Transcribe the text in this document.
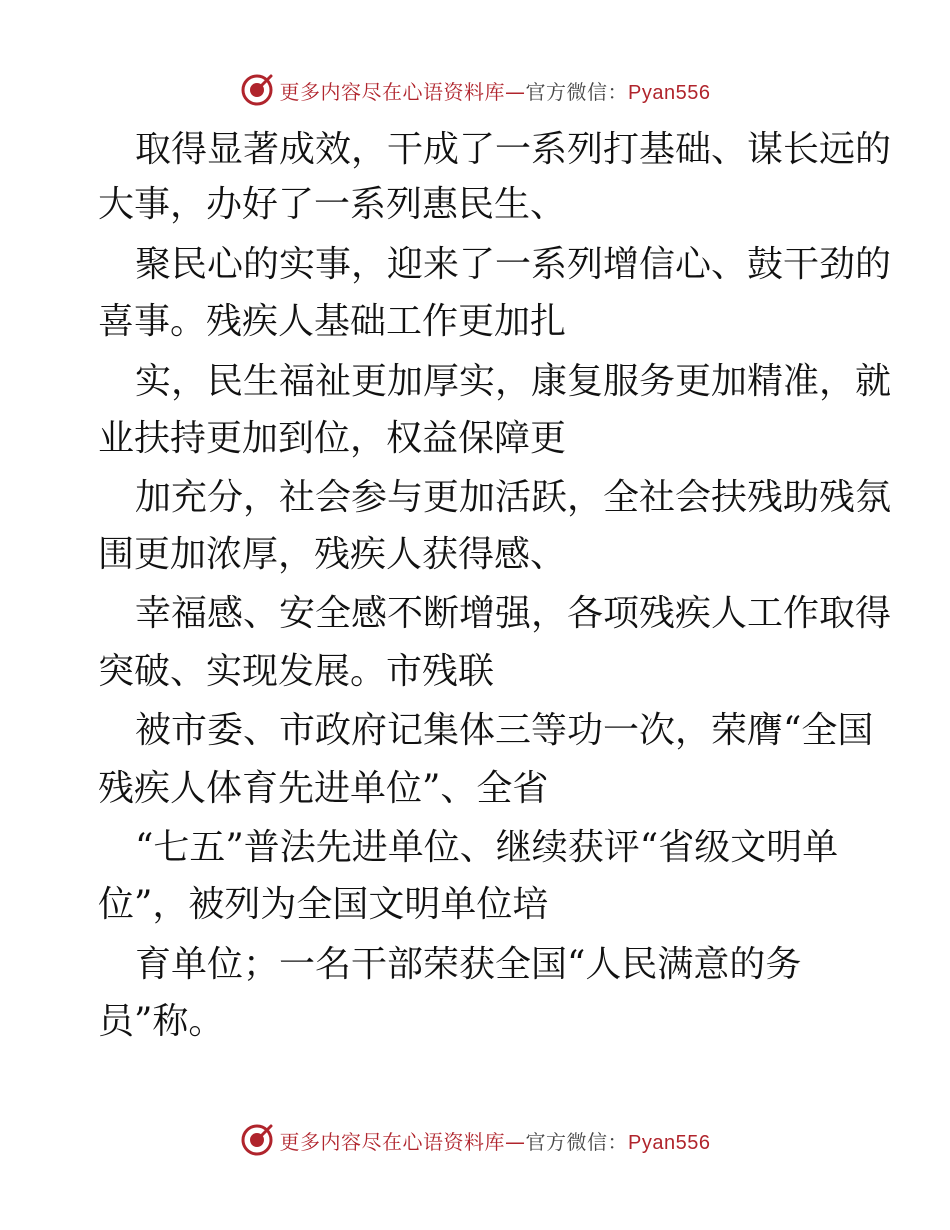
更多内容尽在心语资料库—官方微信：Pyan556
取得显著成效，干成了一系列打基础、谋长远的
大事，办好了一系列惠民生、
聚民心的实事，迎来了一系列增信心、鼓干劲的
喜事。残疾人基础工作更加扎
实，民生福祉更加厚实，康复服务更加精准，就
业扶持更加到位，权益保障更
加充分，社会参与更加活跃，全社会扶残助残氛
围更加浓厚，残疾人获得感、
幸福感、安全感不断增强，各项残疾人工作取得
突破、实现发展。市残联
被市委、市政府记集体三等功一次，荣膺“全国
残疾人体育先进单位”、全省
“七五”普法先进单位、继续获评“省级文明单
位”，被列为全国文明单位培
育单位；一名干部荣获全国“人民满意的务
员”称。
更多内容尽在心语资料库—官方微信：Pyan556
